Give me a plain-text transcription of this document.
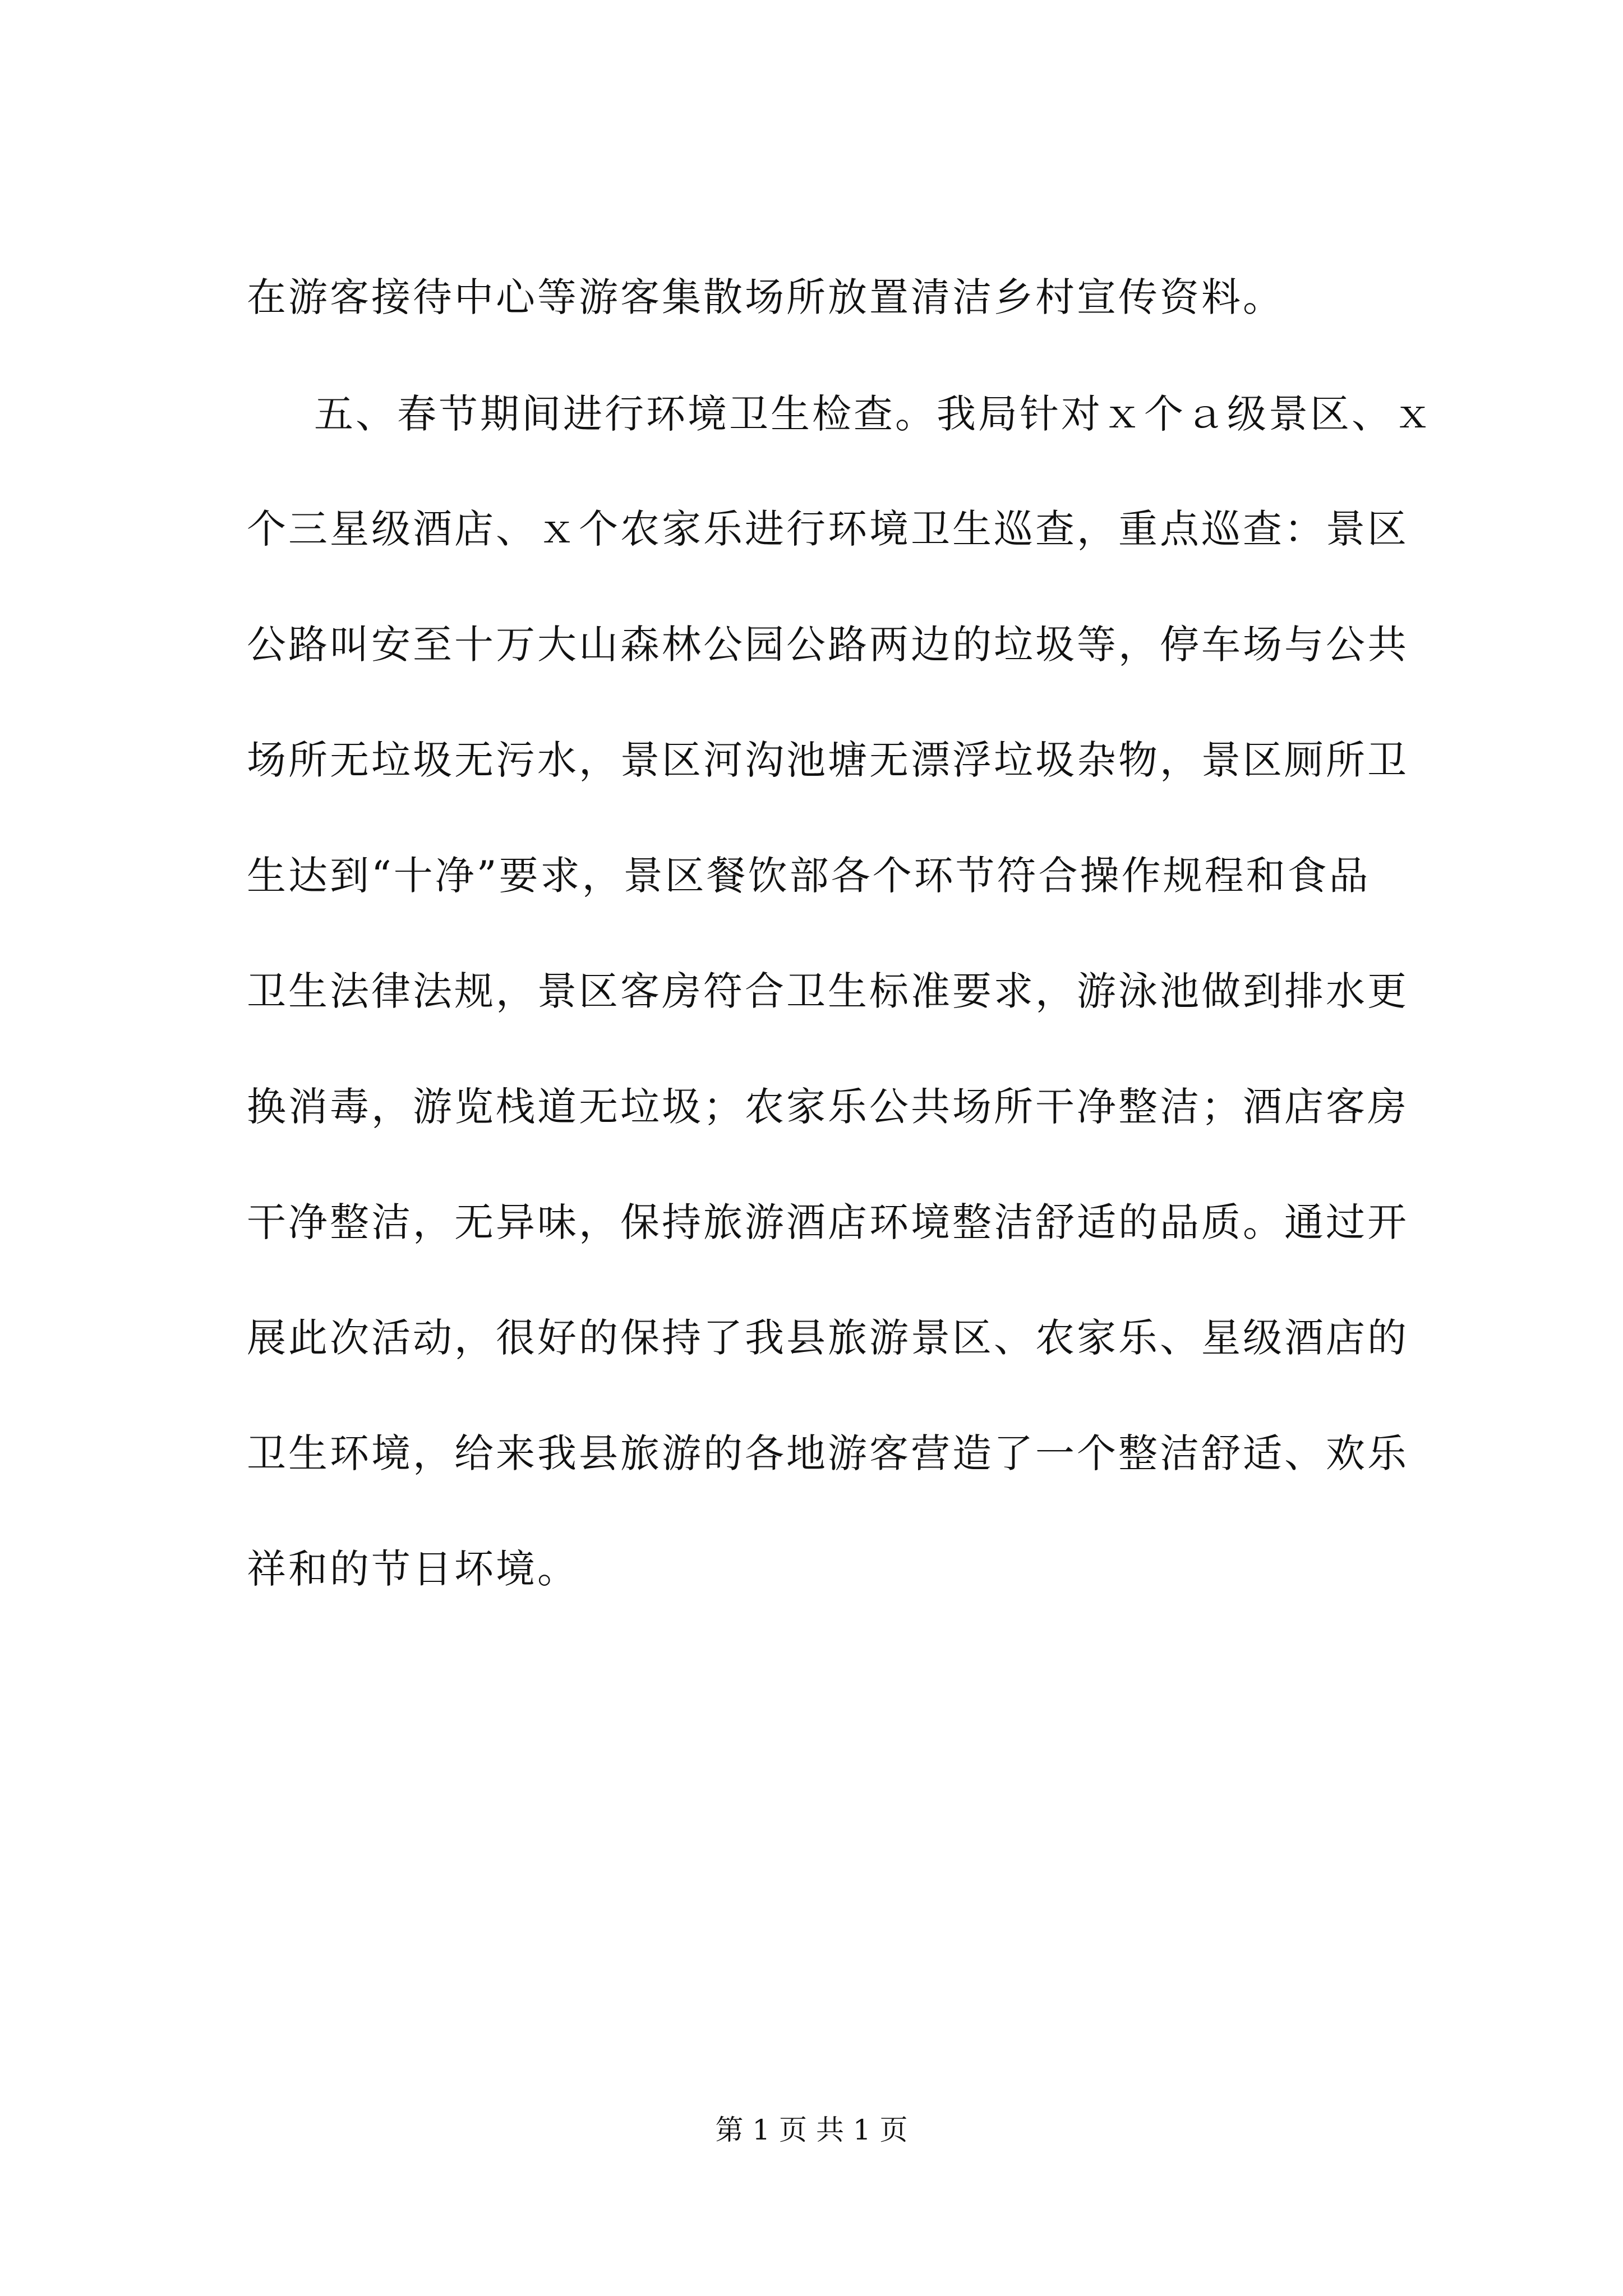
在游客接待中心等游客集散场所放置清洁乡村宣传资料。
五、春节期间进行环境卫生检查。我局针对ｘ个ａ级景区、ｘ
个三星级酒店、ｘ个农家乐进行环境卫生巡查，重点巡查：景区
公路叫安至十万大山森林公园公路两边的垃圾等，停车场与公共
场所无垃圾无污水，景区河沟池塘无漂浮垃圾杂物，景区厕所卫
生达到“十净”要求，景区餐饮部各个环节符合操作规程和食品
卫生法律法规，景区客房符合卫生标准要求，游泳池做到排水更
换消毒，游览栈道无垃圾；农家乐公共场所干净整洁；酒店客房
干净整洁，无异味，保持旅游酒店环境整洁舒适的品质。通过开
展此次活动，很好的保持了我县旅游景区、农家乐、星级酒店的
卫生环境，给来我县旅游的各地游客营造了一个整洁舒适、欢乐
祥和的节日坏境。
第 1 页 共 1 页
